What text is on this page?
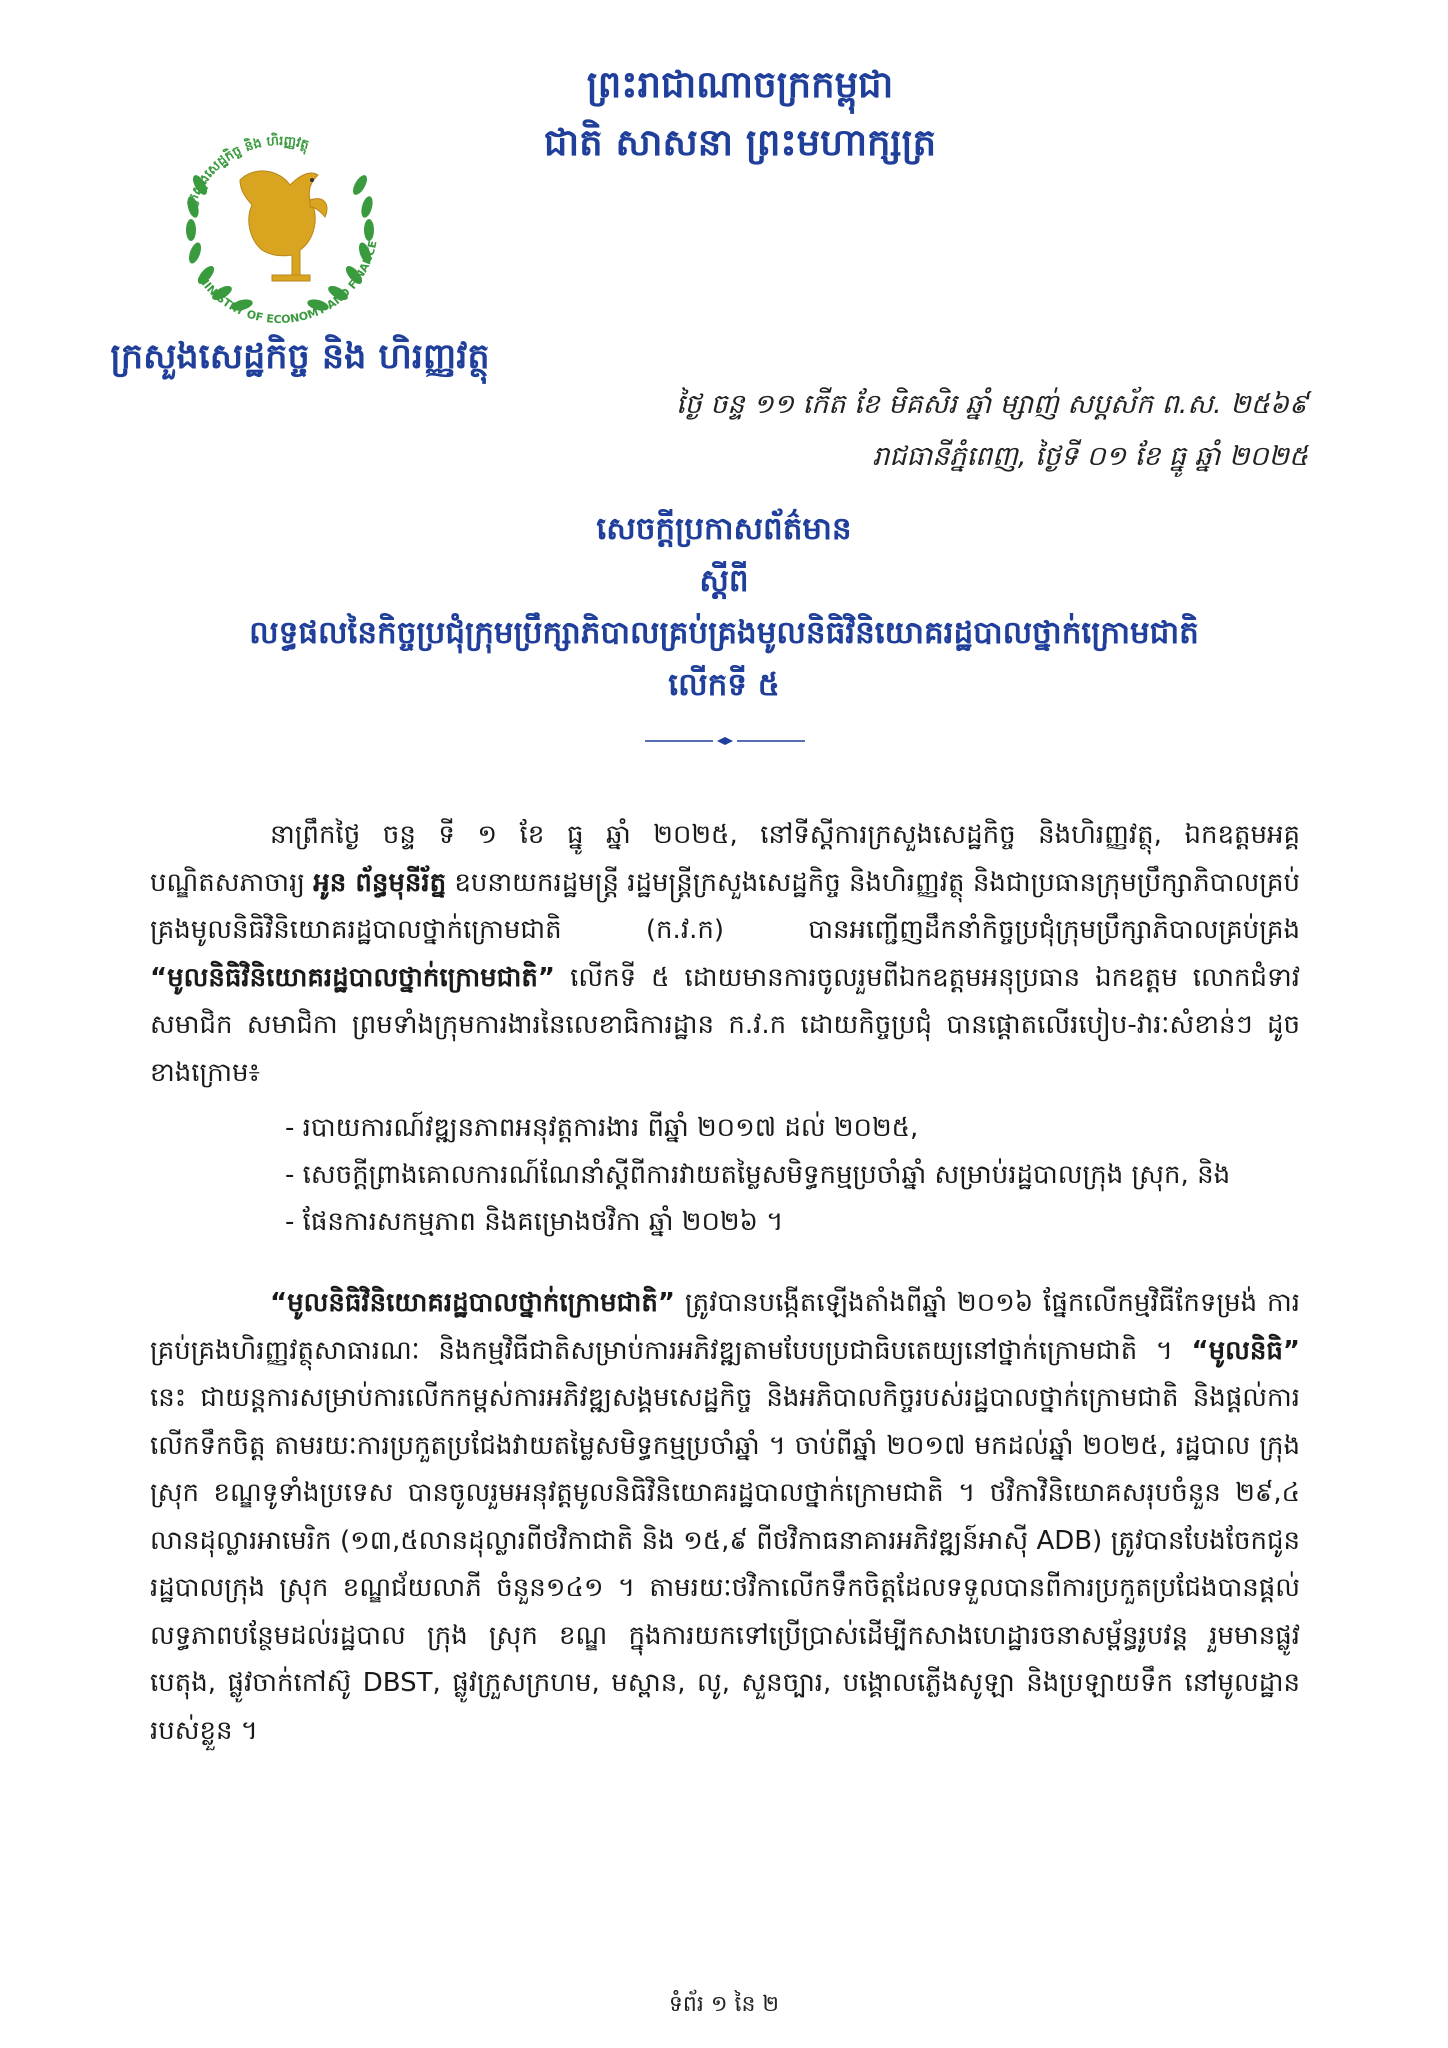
ព្រះរាជាណាចក្រកម្ពុជា
ជាតិ សាសនា ព្រះមហាក្សត្រ
MINISTRY OF ECONOMY AND FINANCE
ក្រសួងសេដ្ឋកិច្ច និង ហិរញ្ញវត្ថុ
ក្រសួងសេដ្ឋកិច្ច និង ហិរញ្ញវត្ថុ
ថ្ងៃ ចន្ទ ១១ កើត ខែ មិគសិរ ឆ្នាំ ម្សាញ់ សប្តស័ក ព.ស. ២៥៦៩
រាជធានីភ្នំពេញ, ថ្ងៃទី ០១ ខែ ធ្នូ ឆ្នាំ ២០២៥
សេចក្តីប្រកាសព័ត៌មាន
ស្តីពី
លទ្ធផលនៃកិច្ចប្រជុំក្រុមប្រឹក្សាភិបាលគ្រប់គ្រងមូលនិធិវិនិយោគរដ្ឋបាលថ្នាក់ក្រោមជាតិ
លើកទី ៥
នាព្រឹកថ្ងៃ ចន្ទ ទី ១ ខែ ធ្នូ ឆ្នាំ ២០២៥, នៅទីស្តីការក្រសួងសេដ្ឋកិច្ច និងហិរញ្ញវត្ថុ, ឯកឧត្តមអគ្គបណ្ឌិតសភាចារ្យ អូន ព័ន្ធមុនីរ័ត្ន ឧបនាយករដ្ឋមន្ត្រី រដ្ឋមន្ត្រីក្រសួងសេដ្ឋកិច្ច និងហិរញ្ញវត្ថុ និងជាប្រធានក្រុមប្រឹក្សាភិបាលគ្រប់គ្រងមូលនិធិវិនិយោគរដ្ឋបាលថ្នាក់ក្រោមជាតិ (ក.វ.ក) បានអញ្ជើញដឹកនាំកិច្ចប្រជុំក្រុមប្រឹក្សាភិបាលគ្រប់គ្រង “មូលនិធិវិនិយោគរដ្ឋបាលថ្នាក់ក្រោមជាតិ” លើកទី ៥ ដោយមានការចូលរួមពីឯកឧត្តមអនុប្រធាន ឯកឧត្តម លោកជំទាវ សមាជិក សមាជិកា ព្រមទាំងក្រុមការងារនៃលេខាធិការដ្ឋាន ក.វ.ក ដោយកិច្ចប្រជុំ បានផ្តោតលើរបៀប-វារៈសំខាន់ៗ ដូចខាងក្រោម៖
- របាយការណ៍វឌ្ឍនភាពអនុវត្តការងារ ពីឆ្នាំ ២០១៧ ដល់ ២០២៥,
- សេចក្តីព្រាងគោលការណ៍ណែនាំស្តីពីការវាយតម្លៃសមិទ្ធកម្មប្រចាំឆ្នាំ សម្រាប់រដ្ឋបាលក្រុង ស្រុក, និង
- ផែនការសកម្មភាព និងគម្រោងថវិកា ឆ្នាំ ២០២៦ ។
“មូលនិធិវិនិយោគរដ្ឋបាលថ្នាក់ក្រោមជាតិ” ត្រូវបានបង្កើតឡើងតាំងពីឆ្នាំ ២០១៦ ផ្នែកលើកម្មវិធីកែទម្រង់ ការគ្រប់គ្រងហិរញ្ញវត្ថុសាធារណៈ និងកម្មវិធីជាតិសម្រាប់ការអភិវឌ្ឍតាមបែបប្រជាធិបតេយ្យនៅថ្នាក់ក្រោមជាតិ ។ “មូលនិធិ” នេះ ជាយន្តការសម្រាប់ការលើកកម្ពស់ការអភិវឌ្ឍសង្គមសេដ្ឋកិច្ច និងអភិបាលកិច្ចរបស់រដ្ឋបាលថ្នាក់ក្រោមជាតិ និងផ្តល់ការលើកទឹកចិត្ត តាមរយៈការប្រកួតប្រជែងវាយតម្លៃសមិទ្ធកម្មប្រចាំឆ្នាំ ។ ចាប់ពីឆ្នាំ ២០១៧ មកដល់ឆ្នាំ ២០២៥, រដ្ឋបាល ក្រុង ស្រុក ខណ្ឌទូទាំងប្រទេស បានចូលរួមអនុវត្តមូលនិធិវិនិយោគរដ្ឋបាលថ្នាក់ក្រោមជាតិ ។ ថវិកាវិនិយោគសរុបចំនួន ២៩,៤ លានដុល្លារអាមេរិក (១៣,៥លានដុល្លារពីថវិកាជាតិ និង ១៥,៩ ពីថវិកាធនាគារអភិវឌ្ឍន៍អាស៊ី ADB) ត្រូវបានបែងចែកជូន រដ្ឋបាលក្រុង ស្រុក ខណ្ឌជ័យលាភី ចំនួន១៤១ ។ តាមរយៈថវិកាលើកទឹកចិត្តដែលទទួលបានពីការប្រកួតប្រជែងបានផ្តល់លទ្ធភាពបន្ថែមដល់រដ្ឋបាល ក្រុង ស្រុក ខណ្ឌ ក្នុងការយកទៅប្រើប្រាស់ដើម្បីកសាងហេដ្ឋារចនាសម្ព័ន្ធរូបវន្ត រួមមានផ្លូវបេតុង, ផ្លូវចាក់កៅស៊ូ DBST, ផ្លូវក្រួសក្រហម, មស្ពាន, លូ, សួនច្បារ, បង្គោលភ្លើងសូឡា និងប្រឡាយទឹក នៅមូលដ្ឋានរបស់ខ្លួន ។
ទំព័រ ១ នៃ ២
